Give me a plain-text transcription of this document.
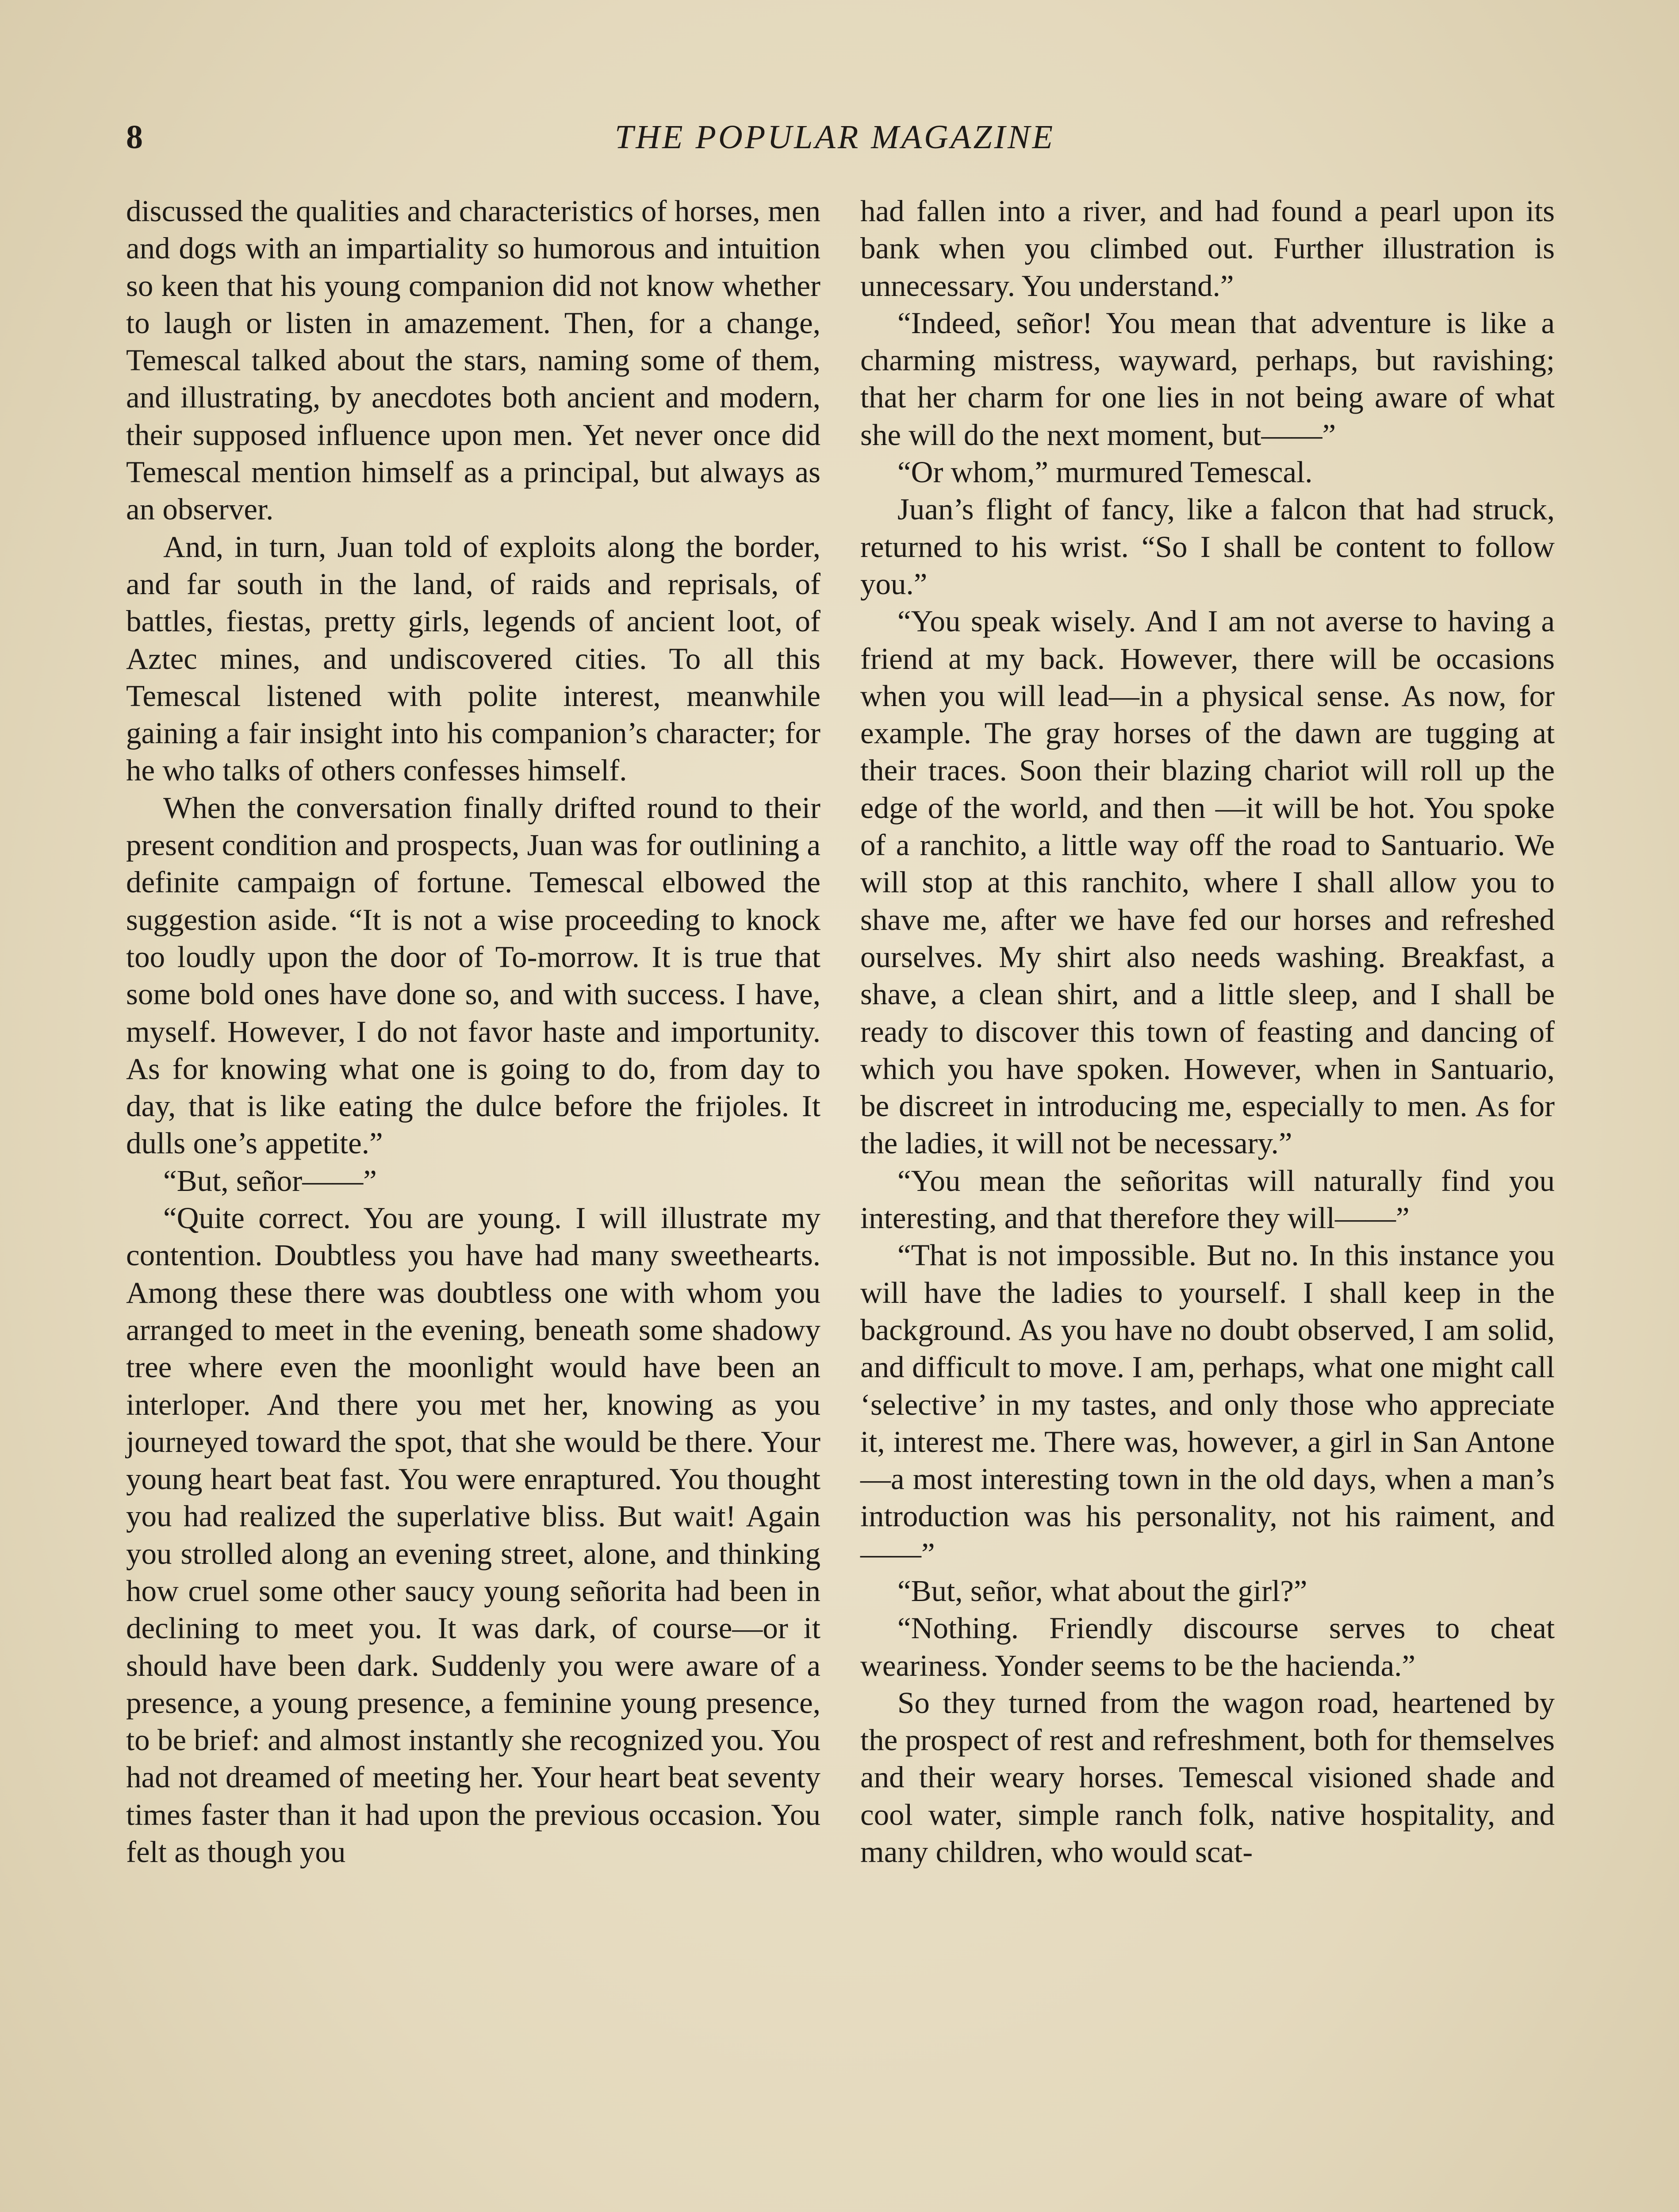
8	THE POPULAR MAGAZINE

discussed the qualities and characteristics of horses, men and dogs with an impartiality so humorous and intuition so keen that his young companion did not know whether to laugh or listen in amazement. Then, for a change, Temescal talked about the stars, naming some of them, and illustrating, by anecdotes both ancient and modern, their supposed influence upon men. Yet never once did Temescal mention himself as a principal, but always as an observer.

And, in turn, Juan told of exploits along the border, and far south in the land, of raids and reprisals, of battles, fiestas, pretty girls, legends of ancient loot, of Aztec mines, and undiscovered cities. To all this Temescal listened with polite interest, meanwhile gaining a fair insight into his companion’s character; for he who talks of others confesses himself.

When the conversation finally drifted round to their present condition and prospects, Juan was for outlining a definite campaign of fortune. Temescal elbowed the suggestion aside. “It is not a wise proceeding to knock too loudly upon the door of To-morrow. It is true that some bold ones have done so, and with success. I have, myself. However, I do not favor haste and importunity. As for knowing what one is going to do, from day to day, that is like eating the dulce before the frijoles. It dulls one’s appetite.”

“But, señor——”

“Quite correct. You are young. I will illustrate my contention. Doubtless you have had many sweethearts. Among these there was doubtless one with whom you arranged to meet in the evening, beneath some shadowy tree where even the moonlight would have been an interloper. And there you met her, knowing as you journeyed toward the spot, that she would be there. Your young heart beat fast. You were enraptured. You thought you had realized the superlative bliss. But wait! Again you strolled along an evening street, alone, and thinking how cruel some other saucy young señorita had been in declining to meet you. It was dark, of course—or it should have been dark. Suddenly you were aware of a presence, a young presence, a feminine young presence, to be brief: and almost instantly she recognized you. You had not dreamed of meeting her. Your heart beat seventy times faster than it had upon the previous occasion. You felt as though you

had fallen into a river, and had found a pearl upon its bank when you climbed out. Further illustration is unnecessary. You understand.”

“Indeed, señor! You mean that adventure is like a charming mistress, wayward, perhaps, but ravishing; that her charm for one lies in not being aware of what she will do the next moment, but——”

“Or whom,” murmured Temescal.

Juan’s flight of fancy, like a falcon that had struck, returned to his wrist. “So I shall be content to follow you.”

“You speak wisely. And I am not averse to having a friend at my back. However, there will be occasions when you will lead—in a physical sense. As now, for example. The gray horses of the dawn are tugging at their traces. Soon their blazing chariot will roll up the edge of the world, and then —it will be hot. You spoke of a ranchito, a little way off the road to Santuario. We will stop at this ranchito, where I shall allow you to shave me, after we have fed our horses and refreshed ourselves. My shirt also needs washing. Breakfast, a shave, a clean shirt, and a little sleep, and I shall be ready to discover this town of feasting and dancing of which you have spoken. However, when in Santuario, be discreet in introducing me, especially to men. As for the ladies, it will not be necessary.”

“You mean the señoritas will naturally find you interesting, and that therefore they will——”

“That is not impossible. But no. In this instance you will have the ladies to yourself. I shall keep in the background. As you have no doubt observed, I am solid, and difficult to move. I am, perhaps, what one might call ‘selective’ in my tastes, and only those who appreciate it, interest me. There was, however, a girl in San Antone—a most interesting town in the old days, when a man’s introduction was his personality, not his raiment, and——”

“But, señor, what about the girl?”

“Nothing. Friendly discourse serves to cheat weariness. Yonder seems to be the hacienda.”

So they turned from the wagon road, heartened by the prospect of rest and refreshment, both for themselves and their weary horses. Temescal visioned shade and cool water, simple ranch folk, native hospitality, and many children, who would scat-
